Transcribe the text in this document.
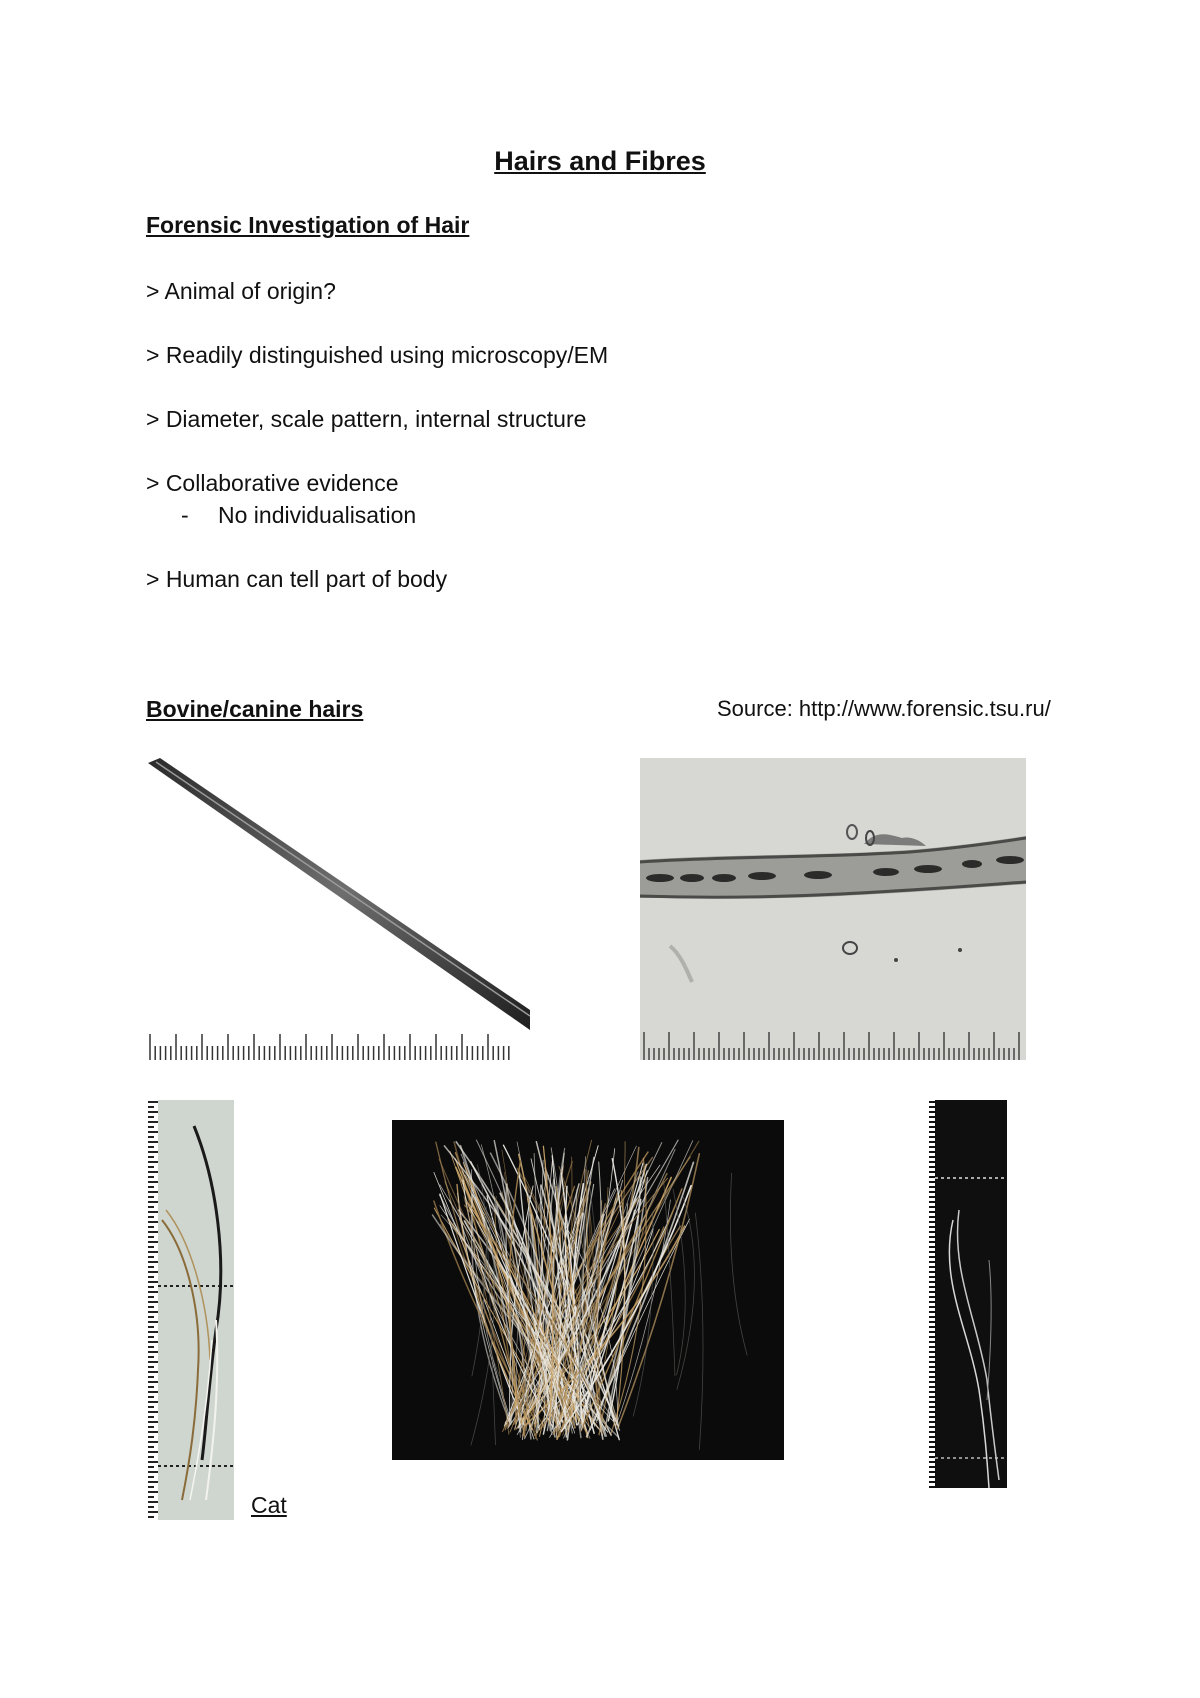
Hairs and Fibres
Forensic Investigation of Hair
> Animal of origin?
> Readily distinguished using microscopy/EM
> Diameter, scale pattern, internal structure
> Collaborative evidence
- No individualisation
> Human can tell part of body
Bovine/canine hairs	Source: http://www.forensic.tsu.ru/
Cat
